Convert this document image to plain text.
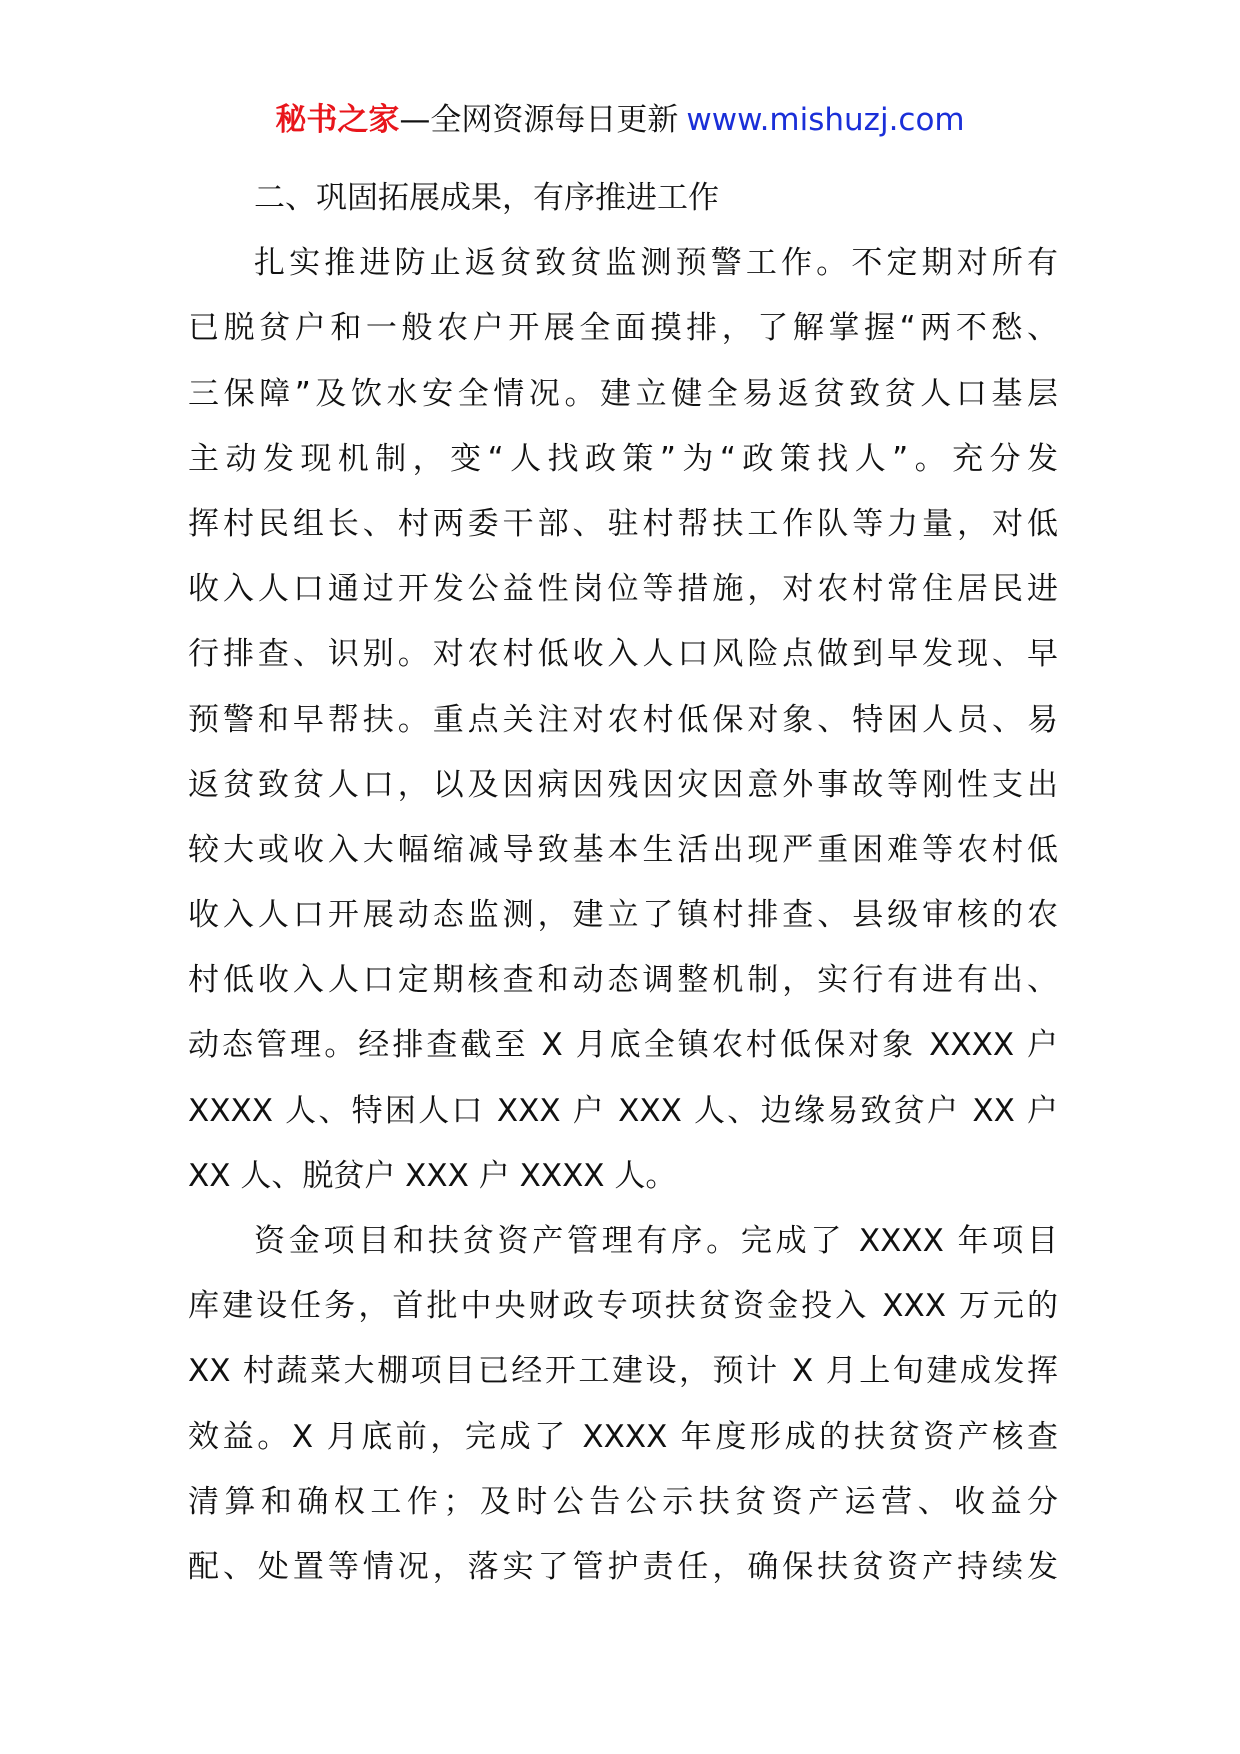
秘书之家—全网资源每日更新 www.mishuzj.com
二、巩固拓展成果，有序推进工作
扎实推进防止返贫致贫监测预警工作。不定期对所有
已脱贫户和一般农户开展全面摸排，了解掌握“两不愁、
三保障”及饮水安全情况。建立健全易返贫致贫人口基层
主动发现机制，变“人找政策”为“政策找人”。充分发
挥村民组长、村两委干部、驻村帮扶工作队等力量，对低
收入人口通过开发公益性岗位等措施，对农村常住居民进
行排查、识别。对农村低收入人口风险点做到早发现、早
预警和早帮扶。重点关注对农村低保对象、特困人员、易
返贫致贫人口，以及因病因残因灾因意外事故等刚性支出
较大或收入大幅缩减导致基本生活出现严重困难等农村低
收入人口开展动态监测，建立了镇村排查、县级审核的农
村低收入人口定期核查和动态调整机制，实行有进有出、
动态管理。经排查截至 X 月底全镇农村低保对象 XXXX 户
XXXX 人、特困人口 XXX 户 XXX 人、边缘易致贫户 XX 户
XX 人、脱贫户 XXX 户 XXXX 人。
资金项目和扶贫资产管理有序。完成了 XXXX 年项目
库建设任务，首批中央财政专项扶贫资金投入 XXX 万元的
XX 村蔬菜大棚项目已经开工建设，预计 X 月上旬建成发挥
效益。X 月底前，完成了 XXXX 年度形成的扶贫资产核查
清算和确权工作；及时公告公示扶贫资产运营、收益分
配、处置等情况，落实了管护责任，确保扶贫资产持续发
